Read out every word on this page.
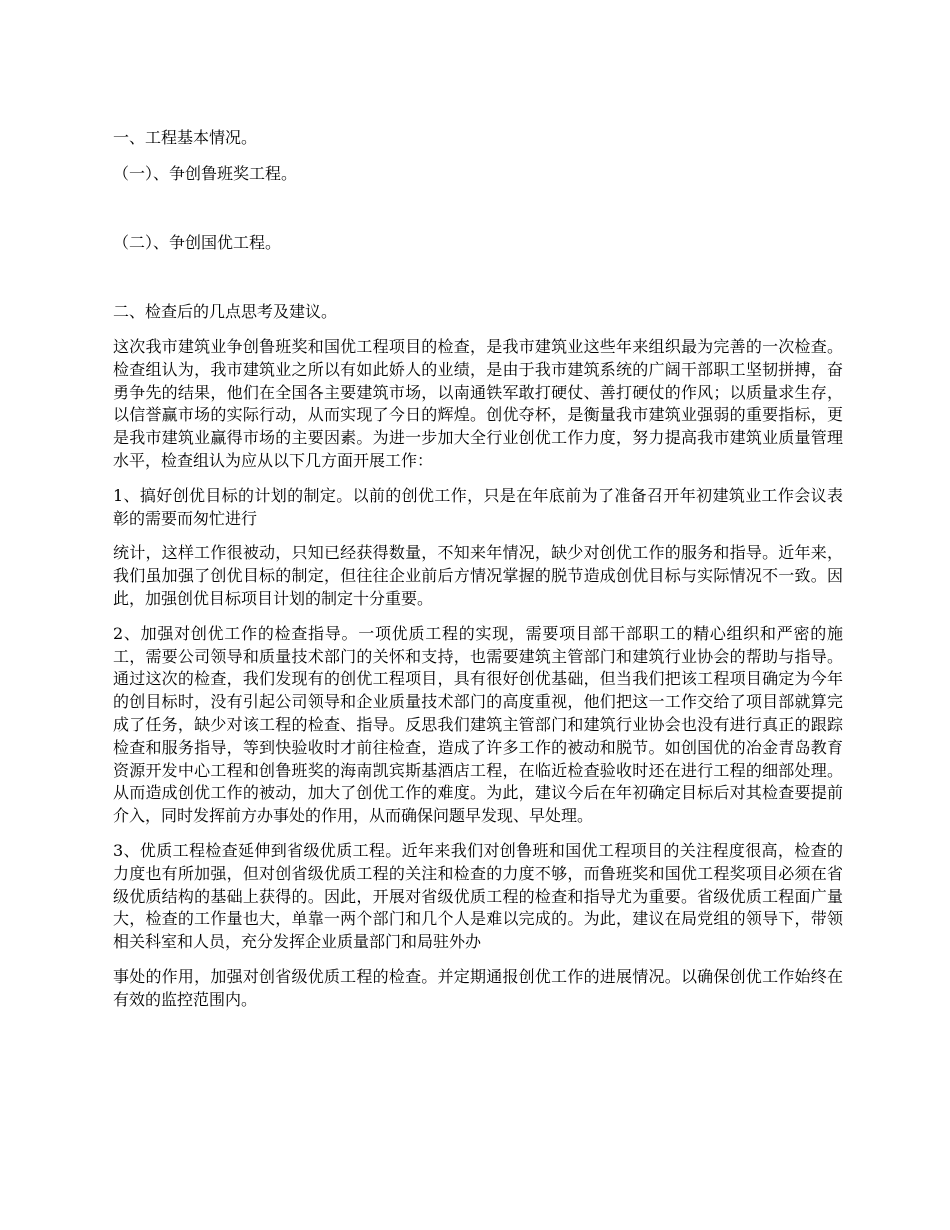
一、工程基本情况。

（一）、争创鲁班奖工程。

（二）、争创国优工程。

二、检查后的几点思考及建议。

这次我市建筑业争创鲁班奖和国优工程项目的检查，是我市建筑业这些年来组织最为完善的一次检查。检查组认为，我市建筑业之所以有如此娇人的业绩，是由于我市建筑系统的广阔干部职工坚韧拼搏，奋勇争先的结果，他们在全国各主要建筑市场，以南通铁军敢打硬仗、善打硬仗的作风；以质量求生存，以信誉赢市场的实际行动，从而实现了今日的辉煌。创优夺杯，是衡量我市建筑业强弱的重要指标，更是我市建筑业赢得市场的主要因素。为进一步加大全行业创优工作力度，努力提高我市建筑业质量管理水平，检查组认为应从以下几方面开展工作：

1、搞好创优目标的计划的制定。以前的创优工作，只是在年底前为了准备召开年初建筑业工作会议表彰的需要而匆忙进行

统计，这样工作很被动，只知已经获得数量，不知来年情况，缺少对创优工作的服务和指导。近年来，我们虽加强了创优目标的制定，但往往企业前后方情况掌握的脱节造成创优目标与实际情况不一致。因此，加强创优目标项目计划的制定十分重要。

2、加强对创优工作的检查指导。一项优质工程的实现，需要项目部干部职工的精心组织和严密的施工，需要公司领导和质量技术部门的关怀和支持，也需要建筑主管部门和建筑行业协会的帮助与指导。通过这次的检查，我们发现有的创优工程项目，具有很好创优基础，但当我们把该工程项目确定为今年的创目标时，没有引起公司领导和企业质量技术部门的高度重视，他们把这一工作交给了项目部就算完成了任务，缺少对该工程的检查、指导。反思我们建筑主管部门和建筑行业协会也没有进行真正的跟踪检查和服务指导，等到快验收时才前往检查，造成了许多工作的被动和脱节。如创国优的冶金青岛教育资源开发中心工程和创鲁班奖的海南凯宾斯基酒店工程，在临近检查验收时还在进行工程的细部处理。从而造成创优工作的被动，加大了创优工作的难度。为此，建议今后在年初确定目标后对其检查要提前介入，同时发挥前方办事处的作用，从而确保问题早发现、早处理。

3、优质工程检查延伸到省级优质工程。近年来我们对创鲁班和国优工程项目的关注程度很高，检查的力度也有所加强，但对创省级优质工程的关注和检查的力度不够，而鲁班奖和国优工程奖项目必须在省级优质结构的基础上获得的。因此，开展对省级优质工程的检查和指导尤为重要。省级优质工程面广量大，检查的工作量也大，单靠一两个部门和几个人是难以完成的。为此，建议在局党组的领导下，带领相关科室和人员，充分发挥企业质量部门和局驻外办

事处的作用，加强对创省级优质工程的检查。并定期通报创优工作的进展情况。以确保创优工作始终在有效的监控范围内。
